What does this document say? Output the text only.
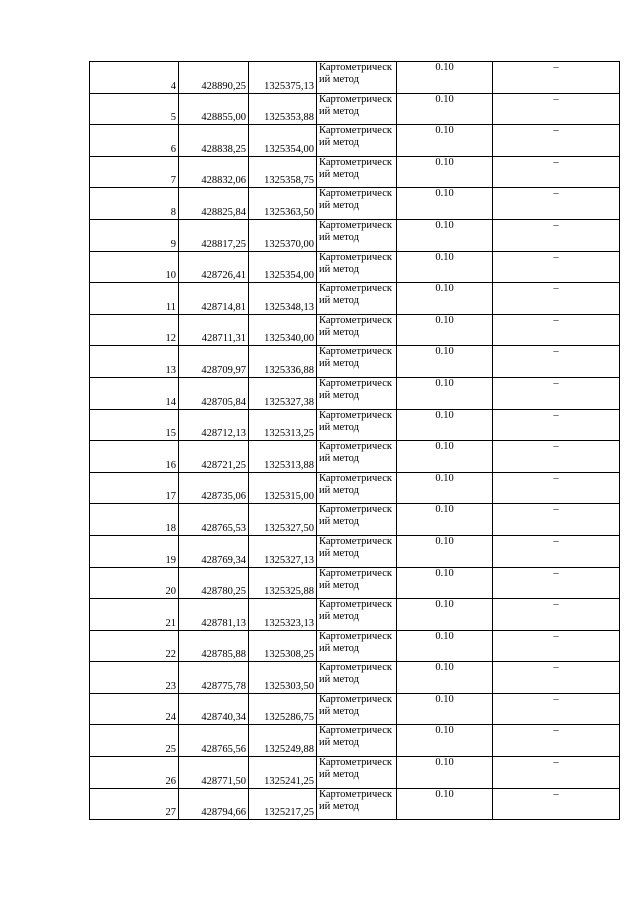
4	428890,25	1325375,13	Картометрический метод	0.10	–
5	428855,00	1325353,88	Картометрический метод	0.10	–
6	428838,25	1325354,00	Картометрический метод	0.10	–
7	428832,06	1325358,75	Картометрический метод	0.10	–
8	428825,84	1325363,50	Картометрический метод	0.10	–
9	428817,25	1325370,00	Картометрический метод	0.10	–
10	428726,41	1325354,00	Картометрический метод	0.10	–
11	428714,81	1325348,13	Картометрический метод	0.10	–
12	428711,31	1325340,00	Картометрический метод	0.10	–
13	428709,97	1325336,88	Картометрический метод	0.10	–
14	428705,84	1325327,38	Картометрический метод	0.10	–
15	428712,13	1325313,25	Картометрический метод	0.10	–
16	428721,25	1325313,88	Картометрический метод	0.10	–
17	428735,06	1325315,00	Картометрический метод	0.10	–
18	428765,53	1325327,50	Картометрический метод	0.10	–
19	428769,34	1325327,13	Картометрический метод	0.10	–
20	428780,25	1325325,88	Картометрический метод	0.10	–
21	428781,13	1325323,13	Картометрический метод	0.10	–
22	428785,88	1325308,25	Картометрический метод	0.10	–
23	428775,78	1325303,50	Картометрический метод	0.10	–
24	428740,34	1325286,75	Картометрический метод	0.10	–
25	428765,56	1325249,88	Картометрический метод	0.10	–
26	428771,50	1325241,25	Картометрический метод	0.10	–
27	428794,66	1325217,25	Картометрический метод	0.10	–
